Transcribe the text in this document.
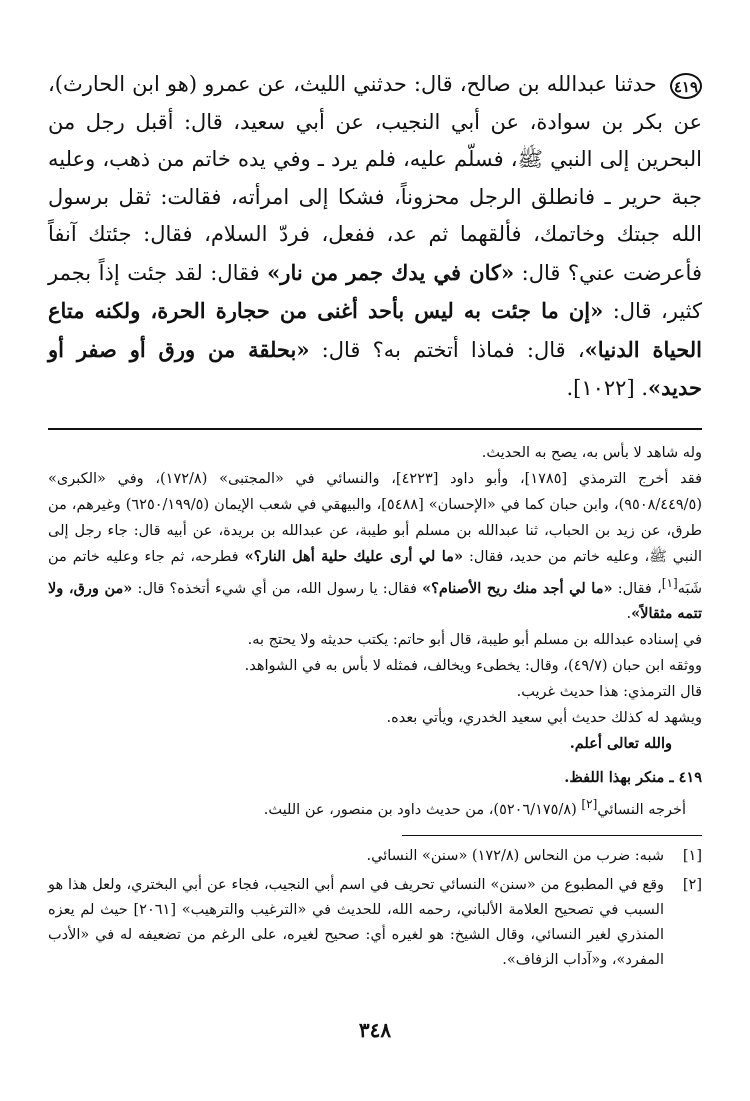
٤١٩ حدثنا عبدالله بن صالح، قال: حدثني الليث، عن عمرو (هو ابن الحارث)، عن بكر بن سوادة، عن أبي النجيب، عن أبي سعيد، قال: أقبل رجل من البحرين إلى النبي ﷺ، فسلّم عليه، فلم يرد ـ وفي يده خاتم من ذهب، وعليه جبة حرير ـ فانطلق الرجل محزوناً، فشكا إلى امرأته، فقالت: ثقل برسول الله جبتك وخاتمك، فألقهما ثم عد، ففعل، فردّ السلام، فقال: جئتك آنفاً فأعرضت عني؟ قال: «كان في يدك جمر من نار» فقال: لقد جئت إذاً بجمر كثير، قال: «إن ما جئت به ليس بأحد أغنى من حجارة الحرة، ولكنه متاع الحياة الدنيا»، قال: فماذا أتختم به؟ قال: «بحلقة من ورق أو صفر أو حديد». [١٠٢٢].

وله شاهد لا بأس به، يصح به الحديث.

فقد أخرج الترمذي [١٧٨٥]، وأبو داود [٤٢٢٣]، والنسائي في «المجتبى» (١٧٢/٨)، وفي «الكبرى» (٩٥٠٨/٤٤٩/٥)، وابن حبان كما في «الإحسان» [٥٤٨٨]، والبيهقي في شعب الإيمان (٦٢٥٠/١٩٩/٥) وغيرهم، من طرق، عن زيد بن الحباب، ثنا عبدالله بن مسلم أبو طيبة، عن عبدالله بن بريدة، عن أبيه قال: جاء رجل إلى النبي ﷺ، وعليه خاتم من حديد، فقال: «ما لي أرى عليك حلية أهل النار؟» فطرحه، ثم جاء وعليه خاتم من شَبَه[١]، فقال: «ما لي أجد منك ريح الأصنام؟» فقال: يا رسول الله، من أي شيء أتخذه؟ قال: «من ورق، ولا تتمه مثقالاً».

في إسناده عبدالله بن مسلم أبو طيبة، قال أبو حاتم: يكتب حديثه ولا يحتج به.

ووثقه ابن حبان (٤٩/٧)، وقال: يخطىء ويخالف، فمثله لا بأس به في الشواهد.

قال الترمذي: هذا حديث غريب.

ويشهد له كذلك حديث أبي سعيد الخدري، ويأتي بعده.

والله تعالى أعلم.

٤١٩ ـ منكر بهذا اللفظ.

أخرجه النسائي[٢] (٥٢٠٦/١٧٥/٨)، من حديث داود بن منصور، عن الليث.

[١]
شبه: ضرب من النحاس (١٧٢/٨) «سنن» النسائي.
[٢]
وقع في المطبوع من «سنن» النسائي تحريف في اسم أبي النجيب، فجاء عن أبي البختري، ولعل هذا هو السبب في تصحيح العلامة الألباني، رحمه الله، للحديث في «الترغيب والترهيب» [٢٠٦١] حيث لم يعزه المنذري لغير النسائي، وقال الشيخ: هو لغيره أي: صحيح لغيره، على الرغم من تضعيفه له في «الأدب المفرد»، و«آداب الزفاف».
٣٤٨
